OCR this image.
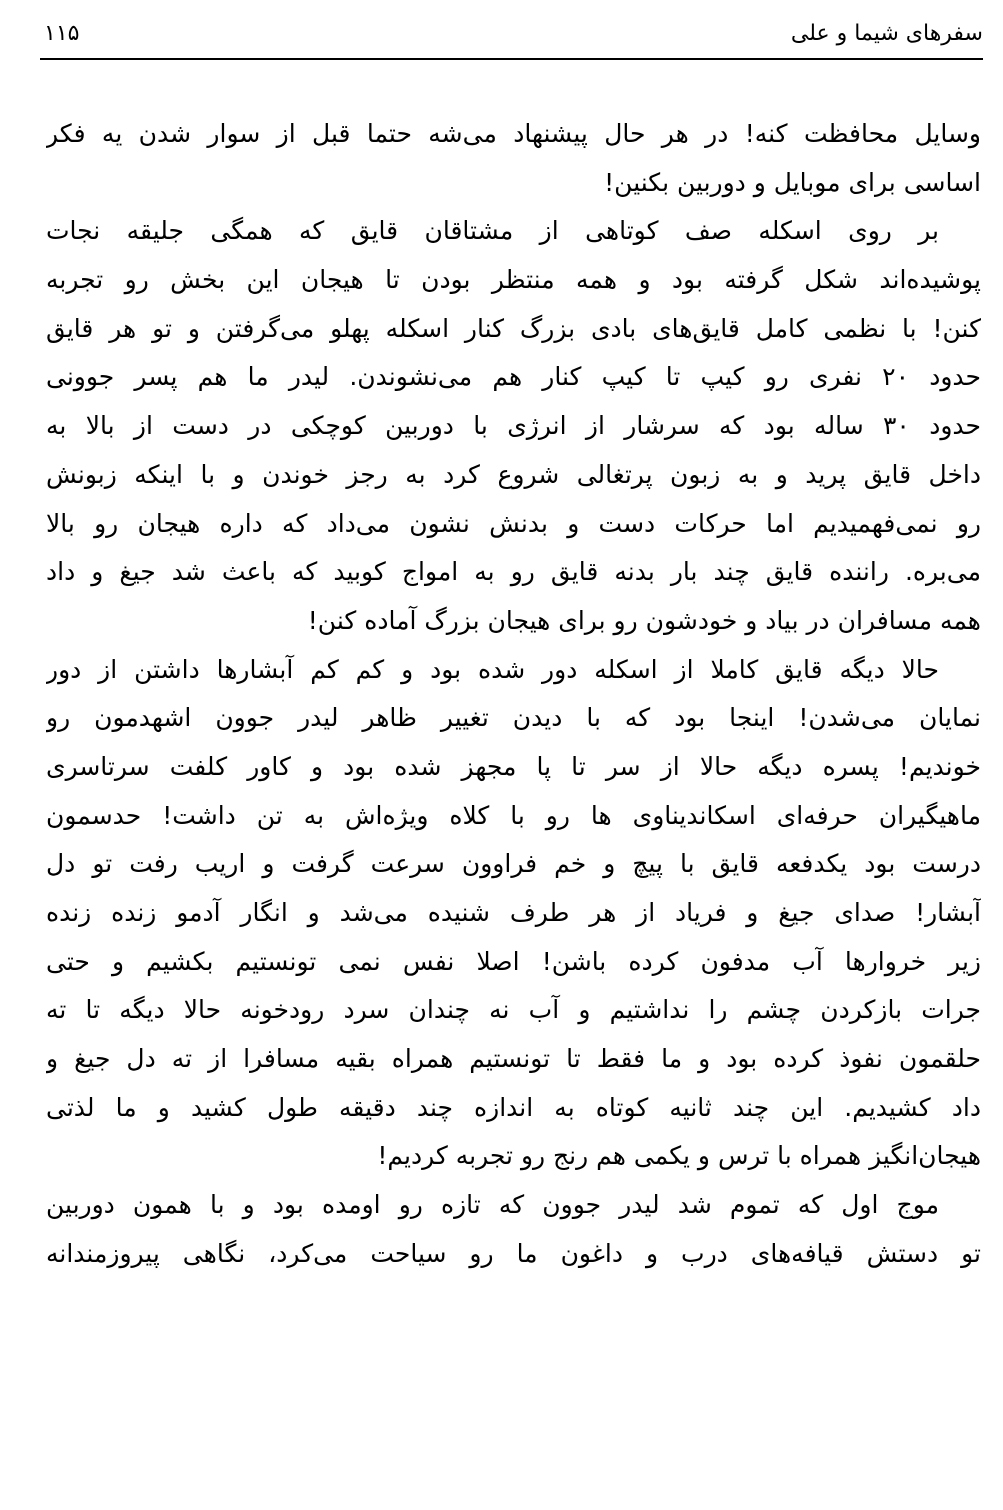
سفرهای شیما و علی
۱۱۵
وسایل محافظت کنه! در هر حال پیشنهاد می‌شه حتما قبل از سوار شدن یه فکر
اساسی برای موبایل و دوربین بکنین!
بر روی اسکله صف کوتاهی از مشتاقان قایق که همگی جلیقه نجات
پوشیده‌اند شکل گرفته بود و همه منتظر بودن تا هیجان این بخش رو تجربه
کنن! با نظمی کامل قایق‌های بادی بزرگ کنار اسکله پهلو می‌گرفتن و تو هر قایق
حدود ۲۰ نفری رو کیپ تا کیپ کنار هم می‌نشوندن. لیدر ما هم پسر جوونی
حدود ۳۰ ساله بود که سرشار از انرژی با دوربین کوچکی در دست از بالا به
داخل قایق پرید و به زبون پرتغالی شروع کرد به رجز خوندن و با اینکه زبونش
رو نمی‌فهمیدیم اما حرکات دست و بدنش نشون می‌داد که داره هیجان رو بالا
می‌بره. راننده قایق چند بار بدنه قایق رو به امواج کوبید که باعث شد جیغ و داد
همه مسافران در بیاد و خودشون رو برای هیجان بزرگ آماده کنن!
حالا دیگه قایق کاملا از اسکله دور شده بود و کم کم آبشارها داشتن از دور
نمایان می‌شدن! اینجا بود که با دیدن تغییر ظاهر لیدر جوون اشهدمون رو
خوندیم! پسره دیگه حالا از سر تا پا مجهز شده بود و کاور کلفت سرتاسری
ماهیگیران حرفه‌ای اسکاندیناوی ها رو با کلاه ویژه‌اش به تن داشت! حدسمون
درست بود یکدفعه قایق با پیچ و خم فراوون سرعت گرفت و اریب رفت تو دل
آبشار! صدای جیغ و فریاد از هر طرف شنیده می‌شد و انگار آدمو زنده زنده
زیر خروارها آب مدفون کرده باشن! اصلا نفس نمی تونستیم بکشیم و حتی
جرات بازکردن چشم را نداشتیم و آب نه چندان سرد رودخونه حالا دیگه تا ته
حلقمون نفوذ کرده بود و ما فقط تا تونستیم همراه بقیه مسافرا از ته دل جیغ و
داد کشیدیم. این چند ثانیه کوتاه به اندازه چند دقیقه طول کشید و ما لذتی
هیجان‌انگیز همراه با ترس و یکمی هم رنج رو تجربه کردیم!
موج اول که تموم شد لیدر جوون که تازه رو اومده بود و با همون دوربین
تو دستش قیافه‌های درب و داغون ما رو سیاحت می‌کرد، نگاهی پیروزمندانه
